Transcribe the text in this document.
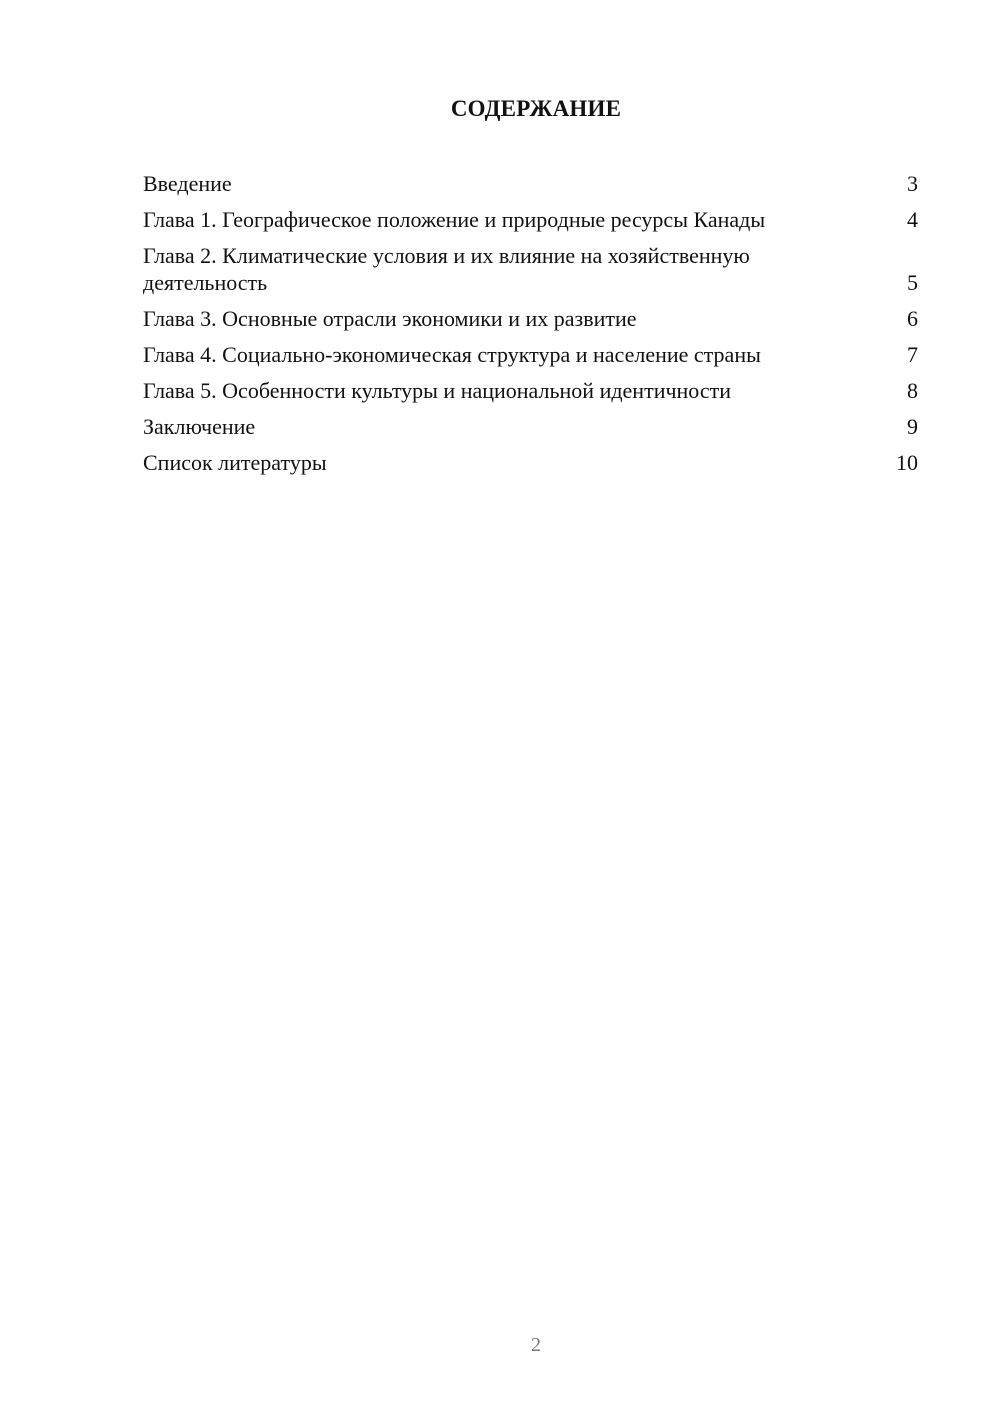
СОДЕРЖАНИЕ
Введение	3
Глава 1. Географическое положение и природные ресурсы Канады	4
Глава 2. Климатические условия и их влияние на хозяйственную деятельность	5
Глава 3. Основные отрасли экономики и их развитие	6
Глава 4. Социально-экономическая структура и население страны	7
Глава 5. Особенности культуры и национальной идентичности	8
Заключение	9
Список литературы	10
2
